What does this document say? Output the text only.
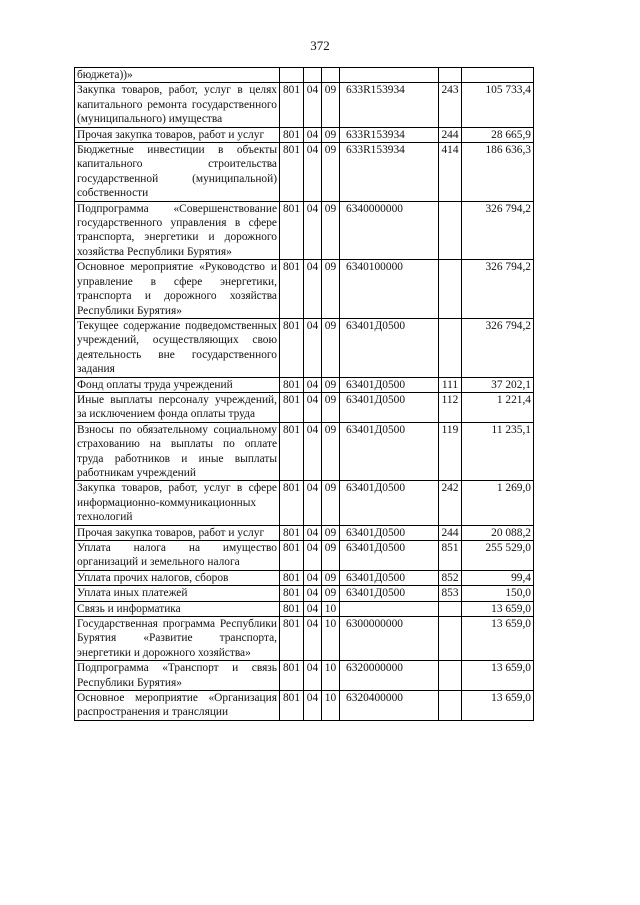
372
бюджета))»						
Закупка товаров, работ, услуг в целях капитального ремонта государственного (муниципального) имущества	801	04	09	633R153934	243	105 733,4
Прочая закупка товаров, работ и услуг	801	04	09	633R153934	244	28 665,9
Бюджетные инвестиции в объекты капитального строительства государственной (муниципальной) собственности	801	04	09	633R153934	414	186 636,3
Подпрограмма «Совершенствование государственного управления в сфере транспорта, энергетики и дорожного хозяйства Республики Бурятия»	801	04	09	6340000000		326 794,2
Основное мероприятие «Руководство и управление в сфере энергетики, транспорта и дорожного хозяйства Республики Бурятия»	801	04	09	6340100000		326 794,2
Текущее содержание подведомственных учреждений, осуществляющих свою деятельность вне государственного задания	801	04	09	63401Д0500		326 794,2
Фонд оплаты труда учреждений	801	04	09	63401Д0500	111	37 202,1
Иные выплаты персоналу учреждений, за исключением фонда оплаты труда	801	04	09	63401Д0500	112	1 221,4
Взносы по обязательному социальному страхованию на выплаты по оплате труда работников и иные выплаты работникам учреждений	801	04	09	63401Д0500	119	11 235,1
Закупка товаров, работ, услуг в сфере информационно-коммуникационных технологий	801	04	09	63401Д0500	242	1 269,0
Прочая закупка товаров, работ и услуг	801	04	09	63401Д0500	244	20 088,2
Уплата налога на имущество организаций и земельного налога	801	04	09	63401Д0500	851	255 529,0
Уплата прочих налогов, сборов	801	04	09	63401Д0500	852	99,4
Уплата иных платежей	801	04	09	63401Д0500	853	150,0
Связь и информатика	801	04	10			13 659,0
Государственная программа Республики Бурятия «Развитие транспорта, энергетики и дорожного хозяйства»	801	04	10	6300000000		13 659,0
Подпрограмма «Транспорт и связь Республики Бурятия»	801	04	10	6320000000		13 659,0
Основное мероприятие «Организация распространения и трансляции	801	04	10	6320400000		13 659,0
